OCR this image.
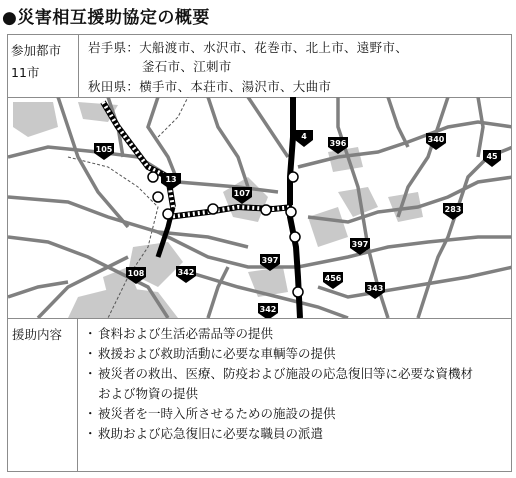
●災害相互援助協定の概要
参加都市
11市
岩手県：大船渡市、水沢市、花巻市、北上市、遠野市、
釜石市、江刺市
秋田県：横手市、本荘市、湯沢市、大曲市
105
13
107
108	342
4
396	340
45
283
397
456
343
397
342
援助内容
・	食料および生活必需品等の提供
・ 救援および救助活動に必要な車輌等の提供
・ 被災者の救出、医療、防疫および施設の応急復旧等に必要な資機材
および物資の提供
・ 被災者を一時入所させるための施設の提供
・ 救助および応急復旧に必要な職員の派遣
